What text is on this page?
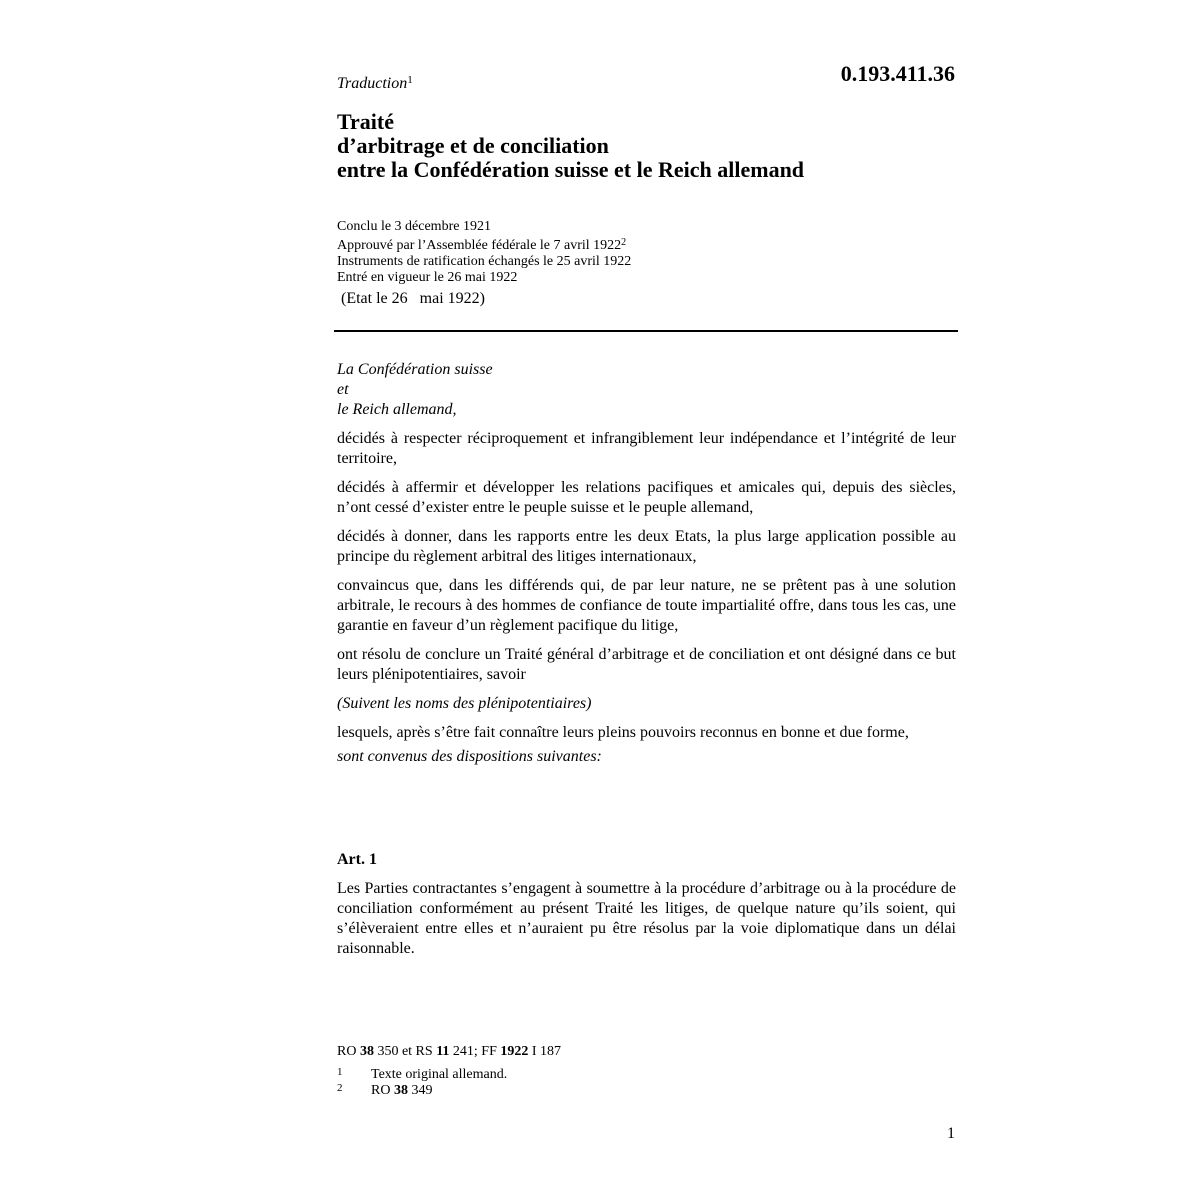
Traduction$^1$	0.193.411.36
Traité
d’arbitrage et de conciliation
entre la Confédération suisse et le Reich allemand
Conclu le 3 décembre 1921
Approuvé par l’Assemblée fédérale le 7 avril 1922$^2$
Instruments de ratification échangés le 25 avril 1922
Entré en vigueur le 26 mai 1922
(Etat le 26   mai 1922)
La Confédération suisse
et
le Reich allemand,

décidés à respecter réciproquement et infrangiblement leur indépendance et l’intégrité de leur territoire,

décidés à affermir et développer les relations pacifiques et amicales qui, depuis des siècles, n’ont cessé d’exister entre le peuple suisse et le peuple allemand,

décidés à donner, dans les rapports entre les deux Etats, la plus large application possible au principe du règlement arbitral des litiges internationaux,

convaincus que, dans les différends qui, de par leur nature, ne se prêtent pas à une solution arbitrale, le recours à des hommes de confiance de toute impartialité offre, dans tous les cas, une garantie en faveur d’un règlement pacifique du litige,

ont résolu de conclure un Traité général d’arbitrage et de conciliation et ont désigné dans ce but leurs plénipotentiaires, savoir

(Suivent les noms des plénipotentiaires)

lesquels, après s’être fait connaître leurs pleins pouvoirs reconnus en bonne et due forme,

sont convenus des dispositions suivantes:

Art. 1
Les Parties contractantes s’engagent à soumettre à la procédure d’arbitrage ou à la procédure de conciliation conformément au présent Traité les litiges, de quelque nature qu’ils soient, qui s’élèveraient entre elles et n’auraient pu être résolus par la voie diplomatique dans un délai raisonnable.
RO 38 350 et RS 11 241; FF 1922 I 187
1 Texte original allemand.
2 RO 38 349
1
